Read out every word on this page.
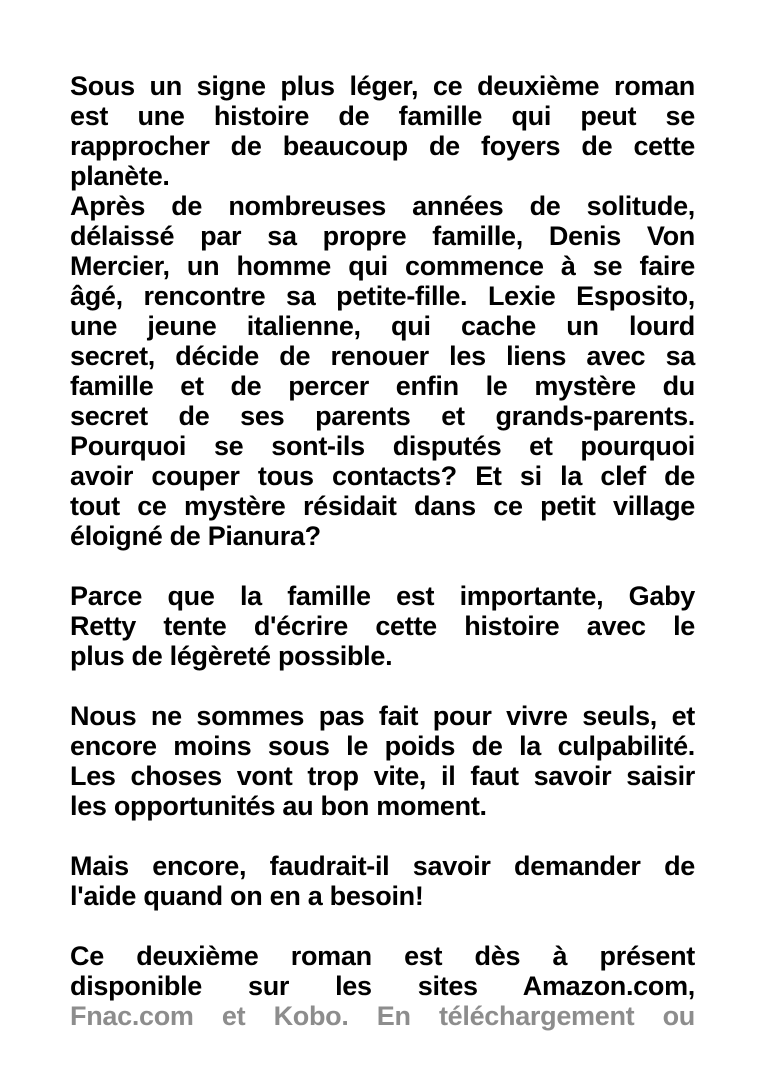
Sous un signe plus léger, ce deuxième roman
est une histoire de famille qui peut se
rapprocher de beaucoup de foyers de cette
planète.
Après de nombreuses années de solitude,
délaissé par sa propre famille, Denis Von
Mercier, un homme qui commence à se faire
âgé, rencontre sa petite-fille. Lexie Esposito,
une jeune italienne, qui cache un lourd
secret, décide de renouer les liens avec sa
famille et de percer enfin le mystère du
secret de ses parents et grands-parents.
Pourquoi se sont-ils disputés et pourquoi
avoir couper tous contacts? Et si la clef de
tout ce mystère résidait dans ce petit village
éloigné de Pianura?
Parce que la famille est importante, Gaby
Retty tente d'écrire cette histoire avec le
plus de légèreté possible.
Nous ne sommes pas fait pour vivre seuls, et
encore moins sous le poids de la culpabilité.
Les choses vont trop vite, il faut savoir saisir
les opportunités au bon moment.
Mais encore, faudrait-il savoir demander de
l'aide quand on en a besoin!
Ce deuxième roman est dès à présent
disponible sur les sites Amazon.com,
Fnac.com et Kobo. En téléchargement ou
